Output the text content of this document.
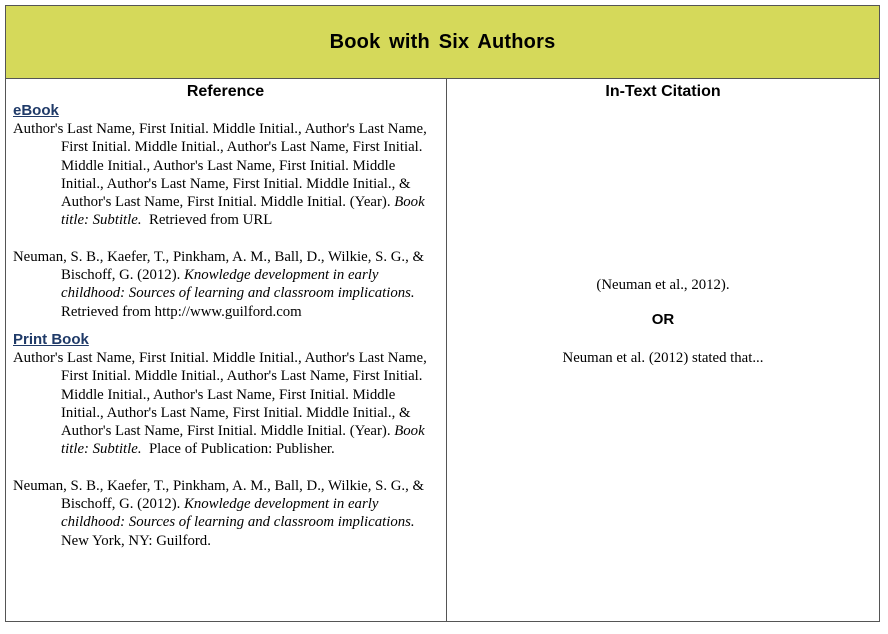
Book with Six Authors
Reference
eBook

Author's Last Name, First Initial. Middle Initial., Author's Last Name, First Initial. Middle Initial., Author's Last Name, First Initial. Middle Initial., Author's Last Name, First Initial. Middle Initial., Author's Last Name, First Initial. Middle Initial., & Author's Last Name, First Initial. Middle Initial. (Year). Book title: Subtitle. Retrieved from URL

Neuman, S. B., Kaefer, T., Pinkham, A. M., Ball, D., Wilkie, S. G., & Bischoff, G. (2012). Knowledge development in early childhood: Sources of learning and classroom implications.  Retrieved from http://www.guilford.com

Print Book

Author's Last Name, First Initial. Middle Initial., Author's Last Name, First Initial. Middle Initial., Author's Last Name, First Initial. Middle Initial., Author's Last Name, First Initial. Middle Initial., Author's Last Name, First Initial. Middle Initial., & Author's Last Name, First Initial. Middle Initial. (Year). Book title: Subtitle. Place of Publication: Publisher.

Neuman, S. B., Kaefer, T., Pinkham, A. M., Ball, D., Wilkie, S. G., & Bischoff, G. (2012). Knowledge development in early childhood: Sources of learning and classroom implications.  New York, NY: Guilford.

In-Text Citation
(Neuman et al., 2012).
OR
Neuman et al. (2012) stated that...
